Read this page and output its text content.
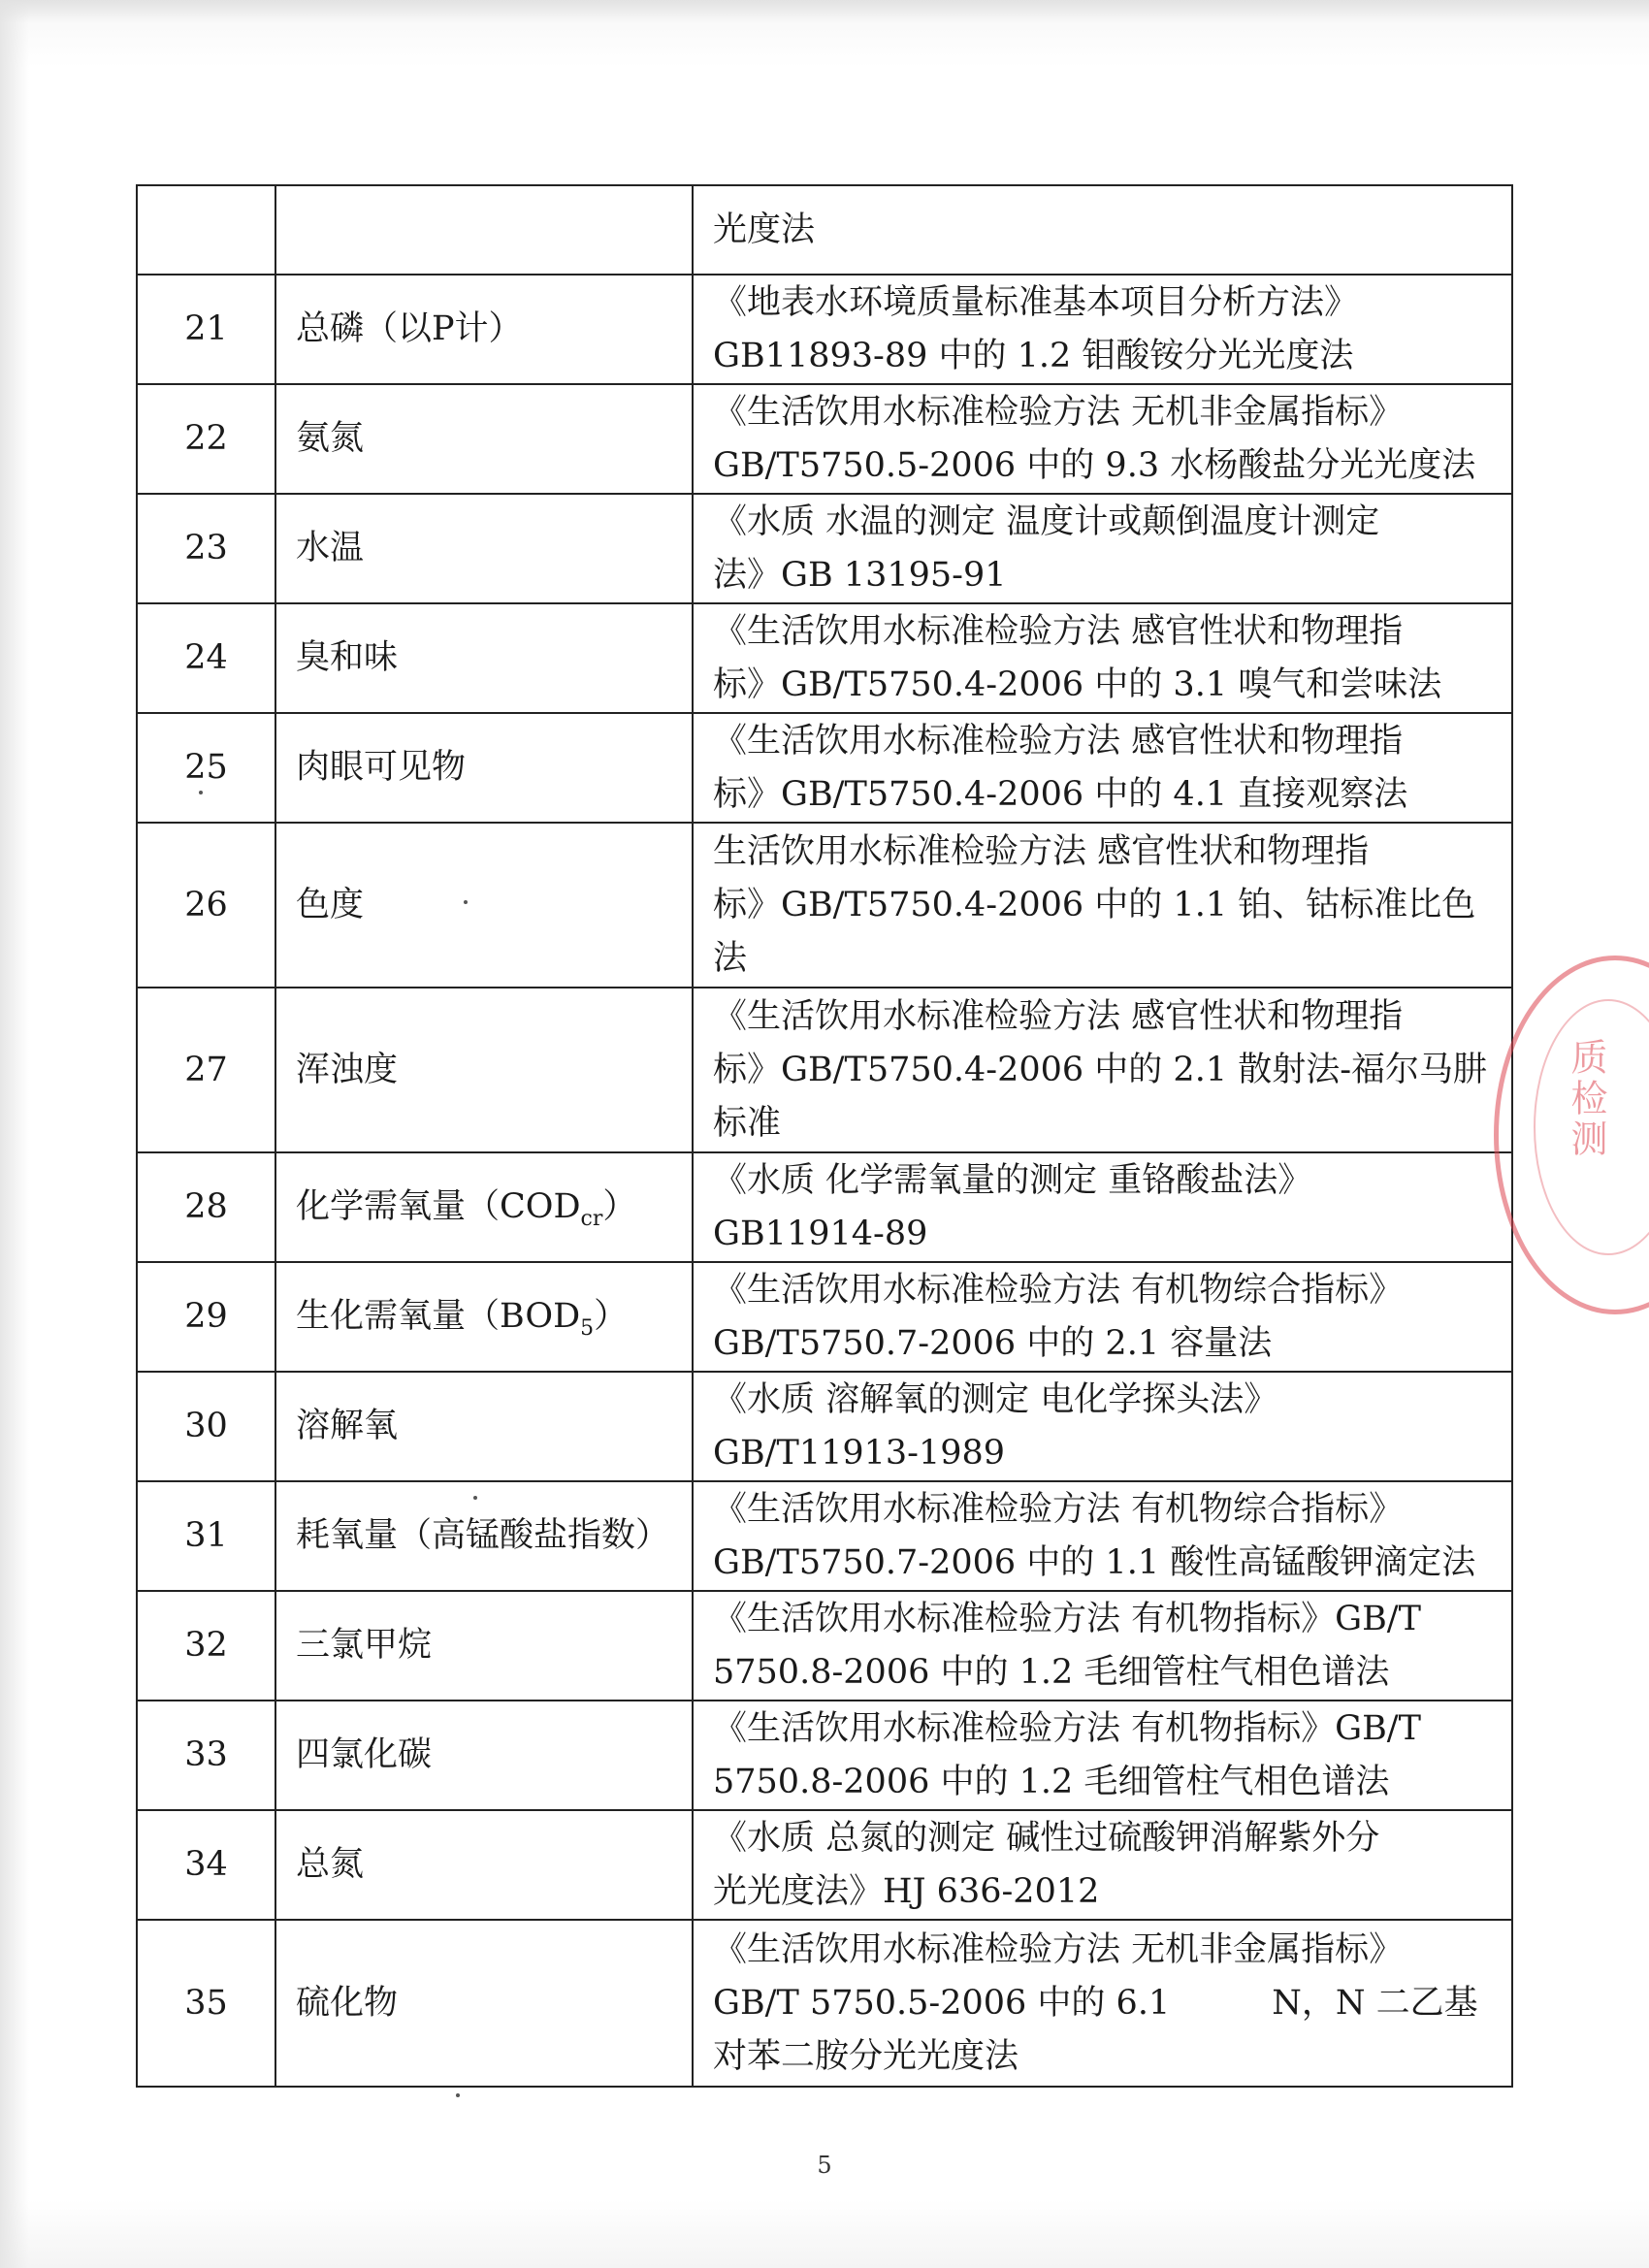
		光度法

21	总磷（以P计）	《地表水环境质量标准基本项目分析方法》
GB11893-89 中的 1.2 钼酸铵分光光度法

22	氨氮	《生活饮用水标准检验方法 无机非金属指标》
GB/T5750.5-2006 中的 9.3 水杨酸盐分光光度法

23	水温	《水质 水温的测定 温度计或颠倒温度计测定
法》GB 13195-91

24	臭和味	《生活饮用水标准检验方法 感官性状和物理指
标》GB/T5750.4-2006 中的 3.1 嗅气和尝味法

25	肉眼可见物	《生活饮用水标准检验方法 感官性状和物理指
标》GB/T5750.4-2006 中的 4.1 直接观察法

26	色度	生活饮用水标准检验方法 感官性状和物理指
标》GB/T5750.4-2006 中的 1.1 铂、钴标准比色
法

27	浑浊度	《生活饮用水标准检验方法 感官性状和物理指
标》GB/T5750.4-2006 中的 2.1 散射法-福尔马肼
标准

28	化学需氧量$(COD_{cr})$	《水质 化学需氧量的测定 重铬酸盐法》
GB11914-89

29	生化需氧量$(BOD_5)$	《生活饮用水标准检验方法 有机物综合指标》
GB/T5750.7-2006 中的 2.1 容量法

30	溶解氧	《水质 溶解氧的测定 电化学探头法》
GB/T11913-1989

31	耗氧量（高锰酸盐指数）	《生活饮用水标准检验方法 有机物综合指标》
GB/T5750.7-2006 中的 1.1 酸性高锰酸钾滴定法

32	三氯甲烷	《生活饮用水标准检验方法 有机物指标》GB/T
5750.8-2006 中的 1.2 毛细管柱气相色谱法

33	四氯化碳	《生活饮用水标准检验方法 有机物指标》GB/T
5750.8-2006 中的 1.2 毛细管柱气相色谱法

34	总氮	《水质 总氮的测定 碱性过硫酸钾消解紫外分
光光度法》HJ 636-2012

35	硫化物	《生活饮用水标准检验方法 无机非金属指标》
GB/T 5750.5-2006 中的 6.1　　　N，N 二乙基
对苯二胺分光光度法
质检测
5
